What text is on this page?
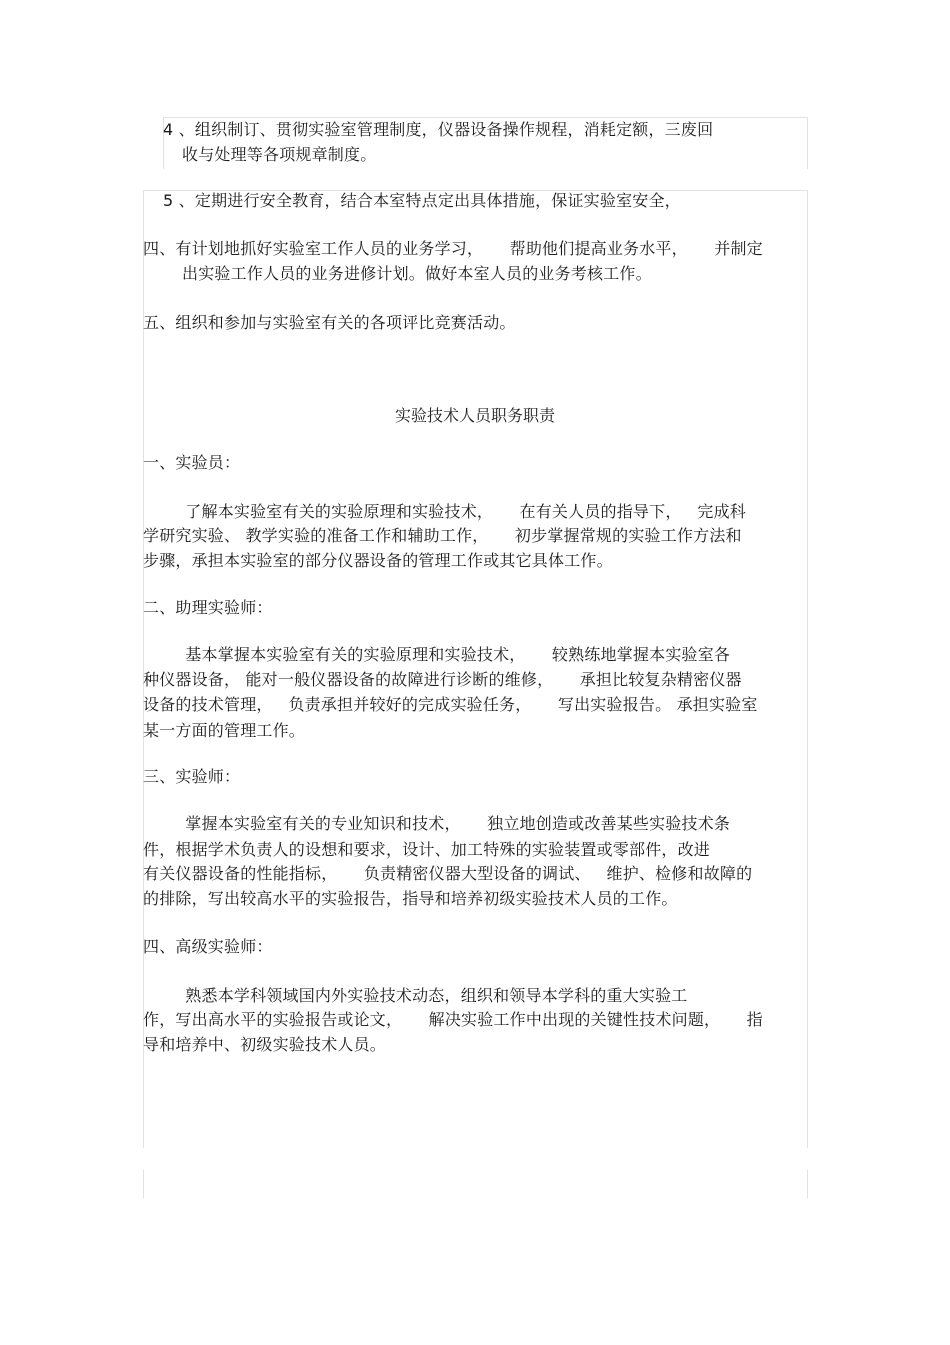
4 、组织制订、贯彻实验室管理制度，仪器设备操作规程，消耗定额，三废回
收与处理等各项规章制度。
5 、定期进行安全教育，结合本室特点定出具体措施，保证实验室安全，
四、有计划地抓好实验室工作人员的业务学习，     帮助他们提高业务水平，     并制定
出实验工作人员的业务进修计划。做好本室人员的业务考核工作。
五、组织和参加与实验室有关的各项评比竞赛活动。
实验技术人员职务职责
一、实验员：
了解本实验室有关的实验原理和实验技术，     在有关人员的指导下，   完成科
学研究实验、 教学实验的准备工作和辅助工作，     初步掌握常规的实验工作方法和
步骤，承担本实验室的部分仪器设备的管理工作或其它具体工作。
二、助理实验师：
基本掌握本实验室有关的实验原理和实验技术，     较熟练地掌握本实验室各
种仪器设备， 能对一般仪器设备的故障进行诊断的维修，     承担比较复杂精密仪器
设备的技术管理，   负责承担并较好的完成实验任务，     写出实验报告。 承担实验室
某一方面的管理工作。
三、实验师：
掌握本实验室有关的专业知识和技术，     独立地创造或改善某些实验技术条
件，根据学术负责人的设想和要求，设计、加工特殊的实验装置或零部件，改进
有关仪器设备的性能指标，     负责精密仪器大型设备的调试、   维护、检修和故障的
的排除，写出较高水平的实验报告，指导和培养初级实验技术人员的工作。
四、高级实验师：
熟悉本学科领域国内外实验技术动态，组织和领导本学科的重大实验工
作，写出高水平的实验报告或论文，     解决实验工作中出现的关键性技术问题，     指
导和培养中、初级实验技术人员。
